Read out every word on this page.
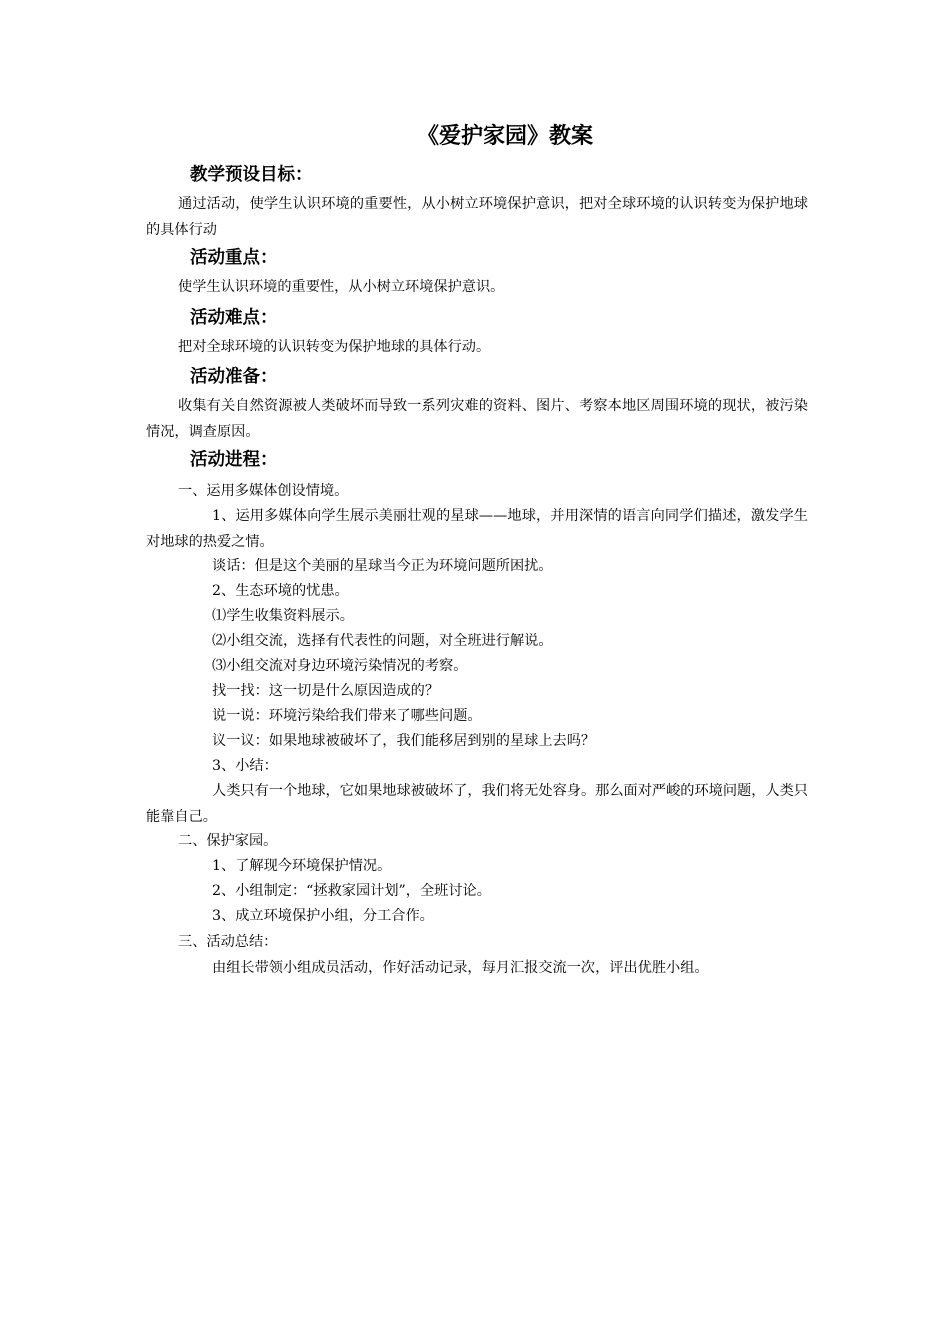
《爱护家园》教案
教学预设目标：
通过活动，使学生认识环境的重要性，从小树立环境保护意识，把对全球环境的认识转变为保护地球的具体行动
活动重点：
使学生认识环境的重要性，从小树立环境保护意识。
活动难点：
把对全球环境的认识转变为保护地球的具体行动。
活动准备：
收集有关自然资源被人类破坏而导致一系列灾难的资料、图片、考察本地区周围环境的现状，被污染情况，调查原因。
活动进程：
一、运用多媒体创设情境。
1、运用多媒体向学生展示美丽壮观的星球——地球，并用深情的语言向同学们描述，激发学生对地球的热爱之情。
谈话：但是这个美丽的星球当今正为环境问题所困扰。
2、生态环境的忧患。
⑴学生收集资料展示。
⑵小组交流，选择有代表性的问题，对全班进行解说。
⑶小组交流对身边环境污染情况的考察。
找一找：这一切是什么原因造成的？
说一说：环境污染给我们带来了哪些问题。
议一议：如果地球被破坏了，我们能移居到别的星球上去吗？
3、小结：
人类只有一个地球，它如果地球被破坏了，我们将无处容身。那么面对严峻的环境问题，人类只能靠自己。
二、保护家园。
1、了解现今环境保护情况。
2、小组制定：“拯救家园计划”，全班讨论。
3、成立环境保护小组，分工合作。
三、活动总结：
由组长带领小组成员活动，作好活动记录，每月汇报交流一次，评出优胜小组。
